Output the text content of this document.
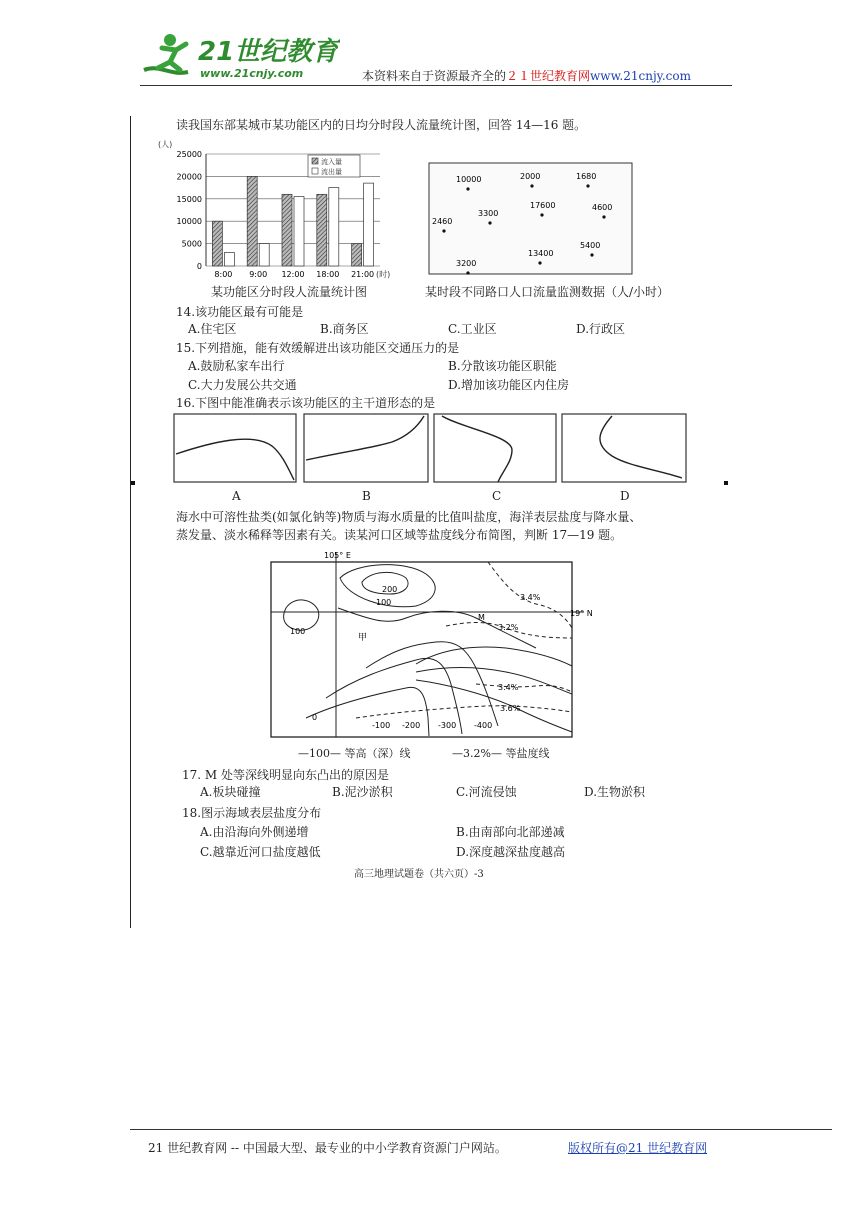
21世纪教育
www.21cnjy.com	本资料来自于资源最齐全的２１世纪教育网www.21cnjy.com
读我国东部某城市某功能区内的日均分时段人流量统计图，回答 14—16 题。
(人)
25000
20000
15000
10000
5000
0
8:00 9:00 12:00 18:00 21:00 (时)
流入量
流出量
某功能区分时段人流量统计图
10000	2000	1680
3300
17600	4600
2460
5400
13400
3200
某时段不同路口人口流量监测数据（人/小时）
14.该功能区最有可能是
A.住宅区	B.商务区	C.工业区	D.行政区
15.下列措施，能有效缓解进出该功能区交通压力的是
A.鼓励私家车出行	B.分散该功能区职能
C.大力发展公共交通	D.增加该功能区内住房
16.下图中能准确表示该功能区的主干道形态的是
A	B	C	D
海水中可溶性盐类(如氯化钠等)物质与海水质量的比值叫盐度，海洋表层盐度与降水量、
蒸发量、淡水稀释等因素有关。读某河口区域等盐度线分布简图，判断 17—19 题。
105° E
19° N
200
100
100
甲
M
3.4%
3.2%
3.4%
3.6%
0
-100 -200 -300 -400
—100— 等高（深）线	—3.2%— 等盐度线
17. M 处等深线明显向东凸出的原因是
A.板块碰撞	B.泥沙淤积	C.河流侵蚀	D.生物淤积
18.图示海域表层盐度分布
A.由沿海向外侧递增	B.由南部向北部递减
C.越靠近河口盐度越低	D.深度越深盐度越高
高三地理试题卷（共六页）-3
21 世纪教育网 -- 中国最大型、最专业的中小学教育资源门户网站。	版权所有@21 世纪教育网
